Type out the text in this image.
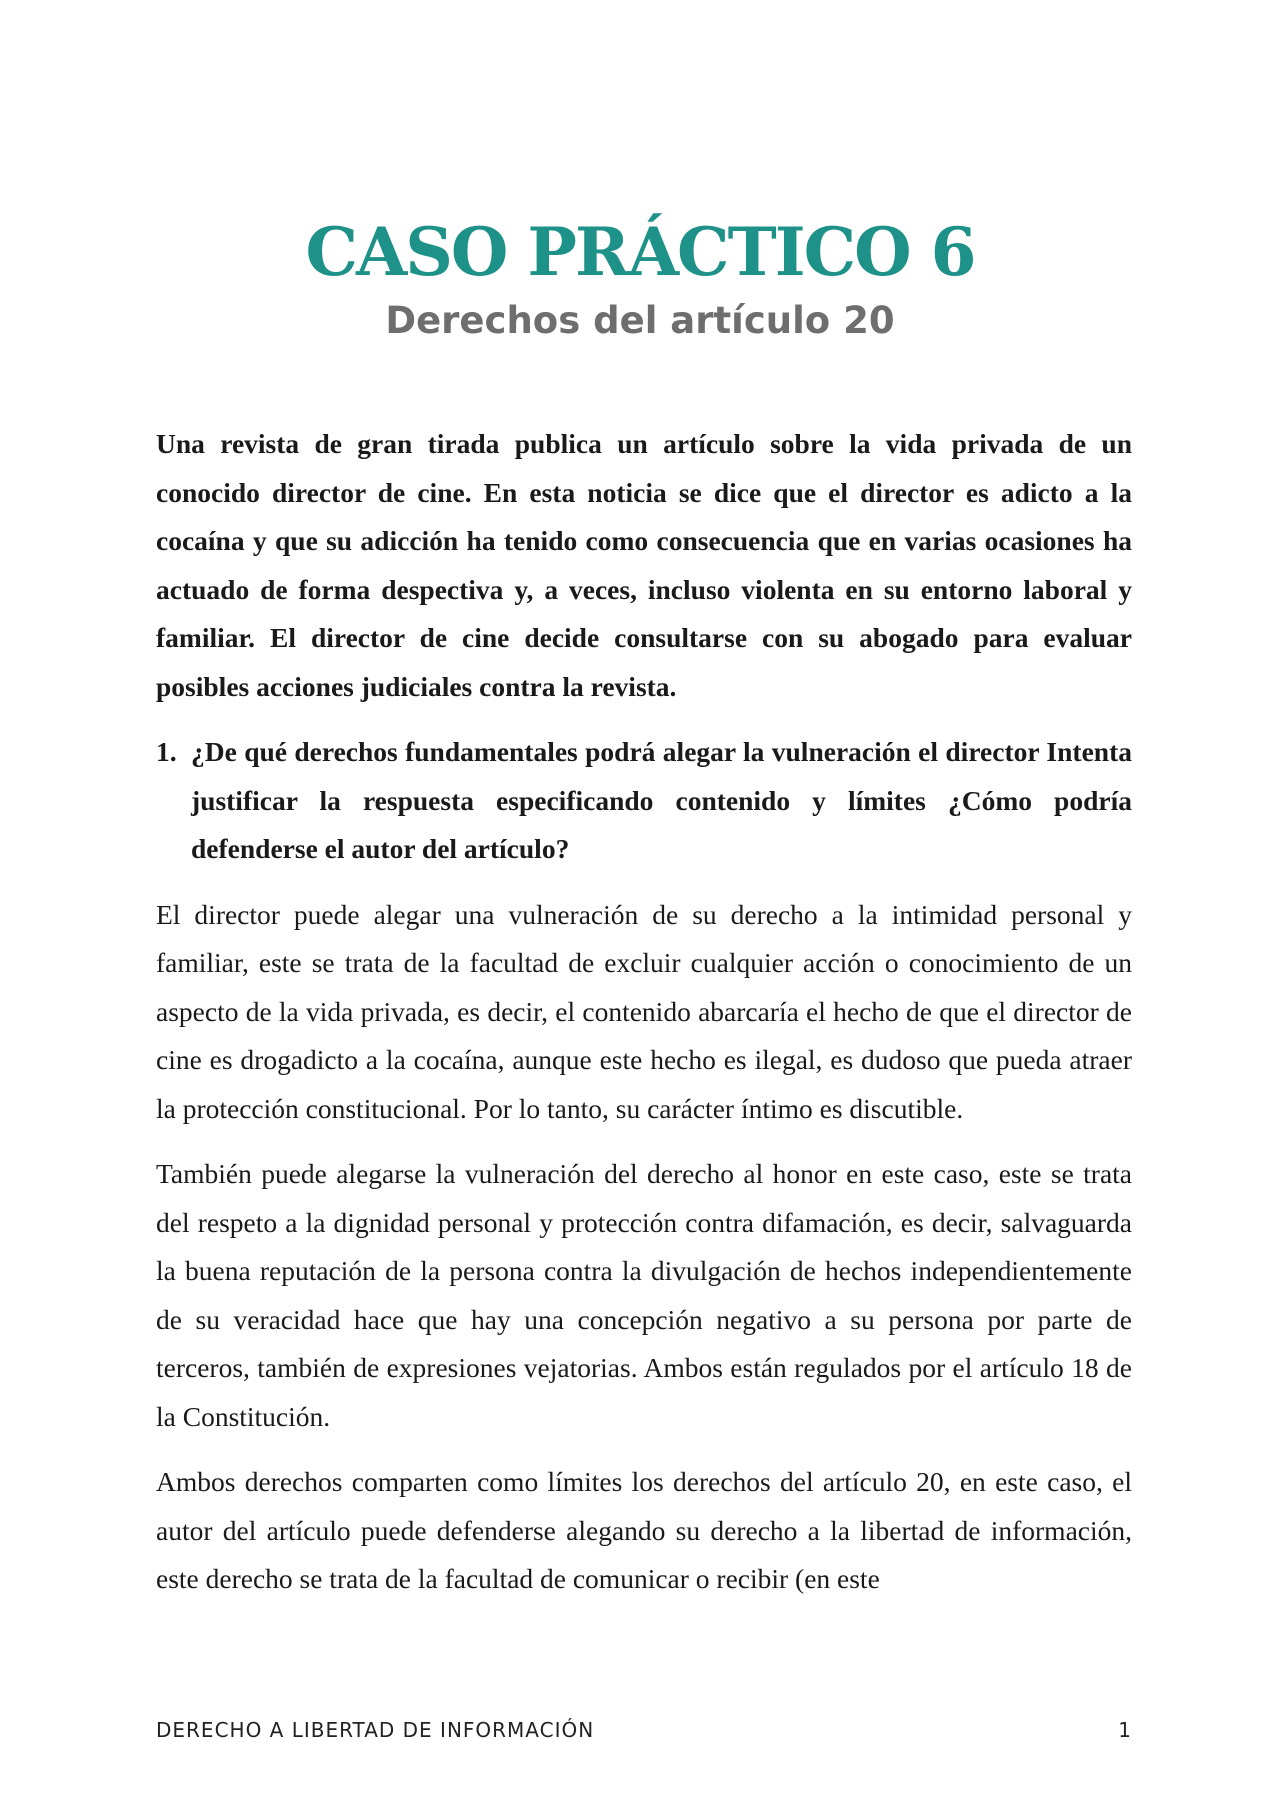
CASO PRÁCTICO 6
Derechos del artículo 20

Una revista de gran tirada publica un artículo sobre la vida privada de un conocido director de cine. En esta noticia se dice que el director es adicto a la cocaína y que su adicción ha tenido como consecuencia que en varias ocasiones ha actuado de forma despectiva y, a veces, incluso violenta en su entorno laboral y familiar. El director de cine decide consultarse con su abogado para evaluar posibles acciones judiciales contra la revista.

1. ¿De qué derechos fundamentales podrá alegar la vulneración el director Intenta justificar la respuesta especificando contenido y límites ¿Cómo podría defenderse el autor del artículo?

El director puede alegar una vulneración de su derecho a la intimidad personal y familiar, este se trata de la facultad de excluir cualquier acción o conocimiento de un aspecto de la vida privada, es decir, el contenido abarcaría el hecho de que el director de cine es drogadicto a la cocaína, aunque este hecho es ilegal, es dudoso que pueda atraer la protección constitucional. Por lo tanto, su carácter íntimo es discutible.

También puede alegarse la vulneración del derecho al honor en este caso, este se trata del respeto a la dignidad personal y protección contra difamación, es decir, salvaguarda la buena reputación de la persona contra la divulgación de hechos independientemente de su veracidad hace que hay una concepción negativo a su persona por parte de terceros, también de expresiones vejatorias. Ambos están regulados por el artículo 18 de la Constitución.

Ambos derechos comparten como límites los derechos del artículo 20, en este caso, el autor del artículo puede defenderse alegando su derecho a la libertad de información, este derecho se trata de la facultad de comunicar o recibir (en este

DERECHO A LIBERTAD DE INFORMACIÓN	1
